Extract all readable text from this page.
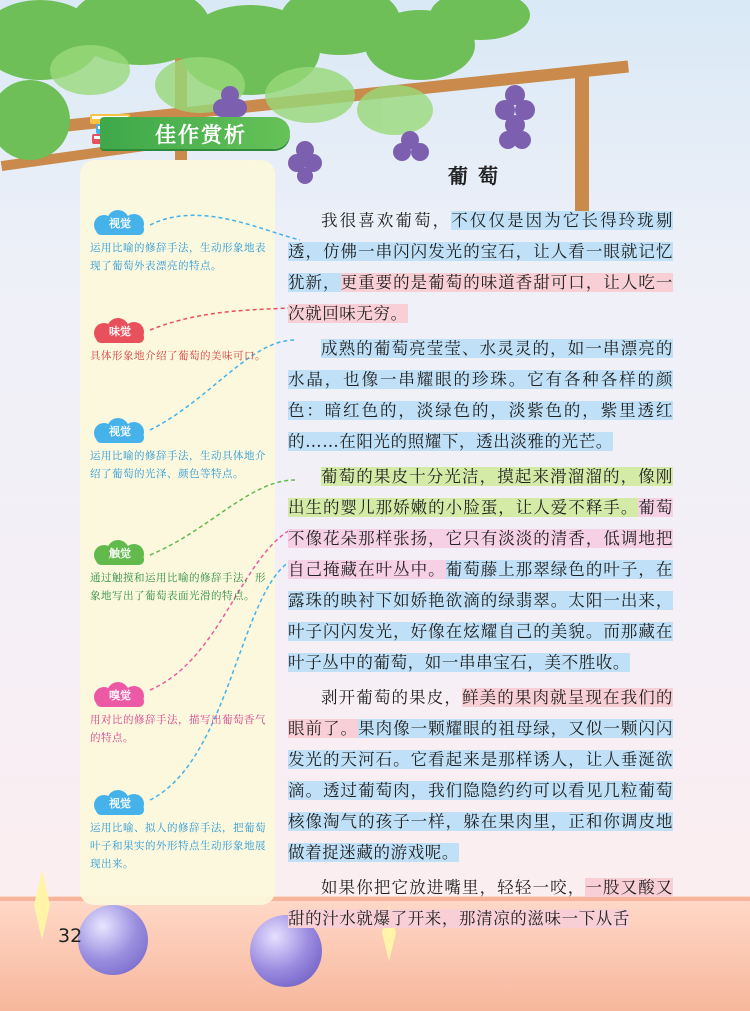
佳作赏析
视觉
运用比喻的修辞手法，生动形象地表现了葡萄外表漂亮的特点。
味觉
具体形象地介绍了葡萄的美味可口。
视觉
运用比喻的修辞手法，生动具体地介绍了葡萄的光泽、颜色等特点。
触觉
通过触摸和运用比喻的修辞手法，形象地写出了葡萄表面光滑的特点。
嗅觉
用对比的修辞手法，描写出葡萄香气的特点。
视觉
运用比喻、拟人的修辞手法，把葡萄叶子和果实的外形特点生动形象地展现出来。
葡萄

我很喜欢葡萄，不仅仅是因为它长得玲珑剔透，仿佛一串闪闪发光的宝石，让人看一眼就记忆犹新，更重要的是葡萄的味道香甜可口，让人吃一次就回味无穷。

成熟的葡萄亮莹莹、水灵灵的，如一串漂亮的水晶，也像一串耀眼的珍珠。它有各种各样的颜色：暗红色的，淡绿色的，淡紫色的，紫里透红的……在阳光的照耀下，透出淡雅的光芒。

葡萄的果皮十分光洁，摸起来滑溜溜的，像刚出生的婴儿那娇嫩的小脸蛋，让人爱不释手。葡萄不像花朵那样张扬，它只有淡淡的清香，低调地把自己掩藏在叶丛中。葡萄藤上那翠绿色的叶子，在露珠的映衬下如娇艳欲滴的绿翡翠。太阳一出来，叶子闪闪发光，好像在炫耀自己的美貌。而那藏在叶子丛中的葡萄，如一串串宝石，美不胜收。

剥开葡萄的果皮，鲜美的果肉就呈现在我们的眼前了。果肉像一颗耀眼的祖母绿，又似一颗闪闪发光的天河石。它看起来是那样诱人，让人垂涎欲滴。透过葡萄肉，我们隐隐约约可以看见几粒葡萄核像淘气的孩子一样，躲在果肉里，正和你调皮地做着捉迷藏的游戏呢。

如果你把它放进嘴里，轻轻一咬，一股又酸又甜的汁水就爆了开来，那清凉的滋味一下从舌

32
